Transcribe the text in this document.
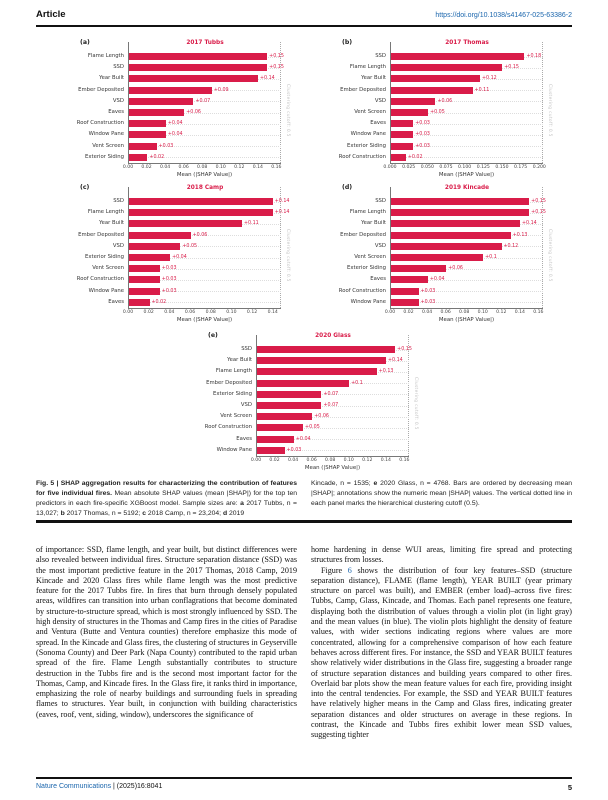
Article	https://doi.org/10.1038/s41467-025-63386-2
(a)
Flame Length
SSD
Year Built
Ember Deposited
VSD
Eaves
Roof Construction
Window Pane
Vent Screen
Exterior Siding
2017 Tubbs
+0.15
+0.15
+0.14
+0.09
+0.07
+0.06
+0.04
+0.04
+0.03
+0.02
0.00 0.02 0.04 0.06 0.08 0.10 0.12 0.14 0.16
Mean (|SHAP Value|)
Clustering cutoff: 0.5
(b)
SSD
Flame Length
Year Built
Ember Deposited
VSD
Vent Screen
Eaves
Window Pane
Exterior Siding
Roof Construction
2017 Thomas
+0.18
+0.15
+0.12
+0.11
+0.06
+0.05
+0.03
+0.03
+0.03
+0.02
0.000 0.025 0.050 0.075 0.100 0.125 0.150 0.175 0.200
Mean (|SHAP Value|)
Clustering cutoff: 0.5
(c)
SSD
Flame Length
Year Built
Ember Deposited
VSD
Exterior Siding
Vent Screen
Roof Construction
Window Pane
Eaves
2018 Camp
+0.14
+0.14
+0.11
+0.06
+0.05
+0.04
+0.03
+0.03
+0.03
+0.02
0.00 0.02 0.04 0.06 0.08 0.10 0.12 0.14
Mean (|SHAP Value|)
Clustering cutoff: 0.5
(d)
SSD
Flame Length
Year Built
Ember Deposited
VSD
Vent Screen
Exterior Siding
Eaves
Roof Construction
Window Pane
2019 Kincade
+0.15
+0.15
+0.14
+0.13
+0.12
+0.1
+0.06
+0.04
+0.03
+0.03
0.00 0.02 0.04 0.06 0.08 0.10 0.12 0.14 0.16
Mean (|SHAP Value|)
Clustering cutoff: 0.5
(e)
SSD
Year Built
Flame Length
Ember Deposited
Exterior Siding
VSD
Vent Screen
Roof Construction
Eaves
Window Pane
2020 Glass
+0.15
+0.14
+0.13
+0.1
+0.07
+0.07
+0.06
+0.05
+0.04
+0.03
0.00 0.02 0.04 0.06 0.08 0.10 0.12 0.14 0.16
Mean (|SHAP Value|)
Clustering cutoff: 0.5
Fig. 5 | SHAP aggregation results for characterizing the contribution of features for five individual fires. Mean absolute SHAP values (mean |SHAP|) for the top ten predictors in each fire-specific XGBoost model. Sample sizes are: a 2017 Tubbs, n = 13,027; b 2017 Thomas, n = 5192; c 2018 Camp, n = 23,204; d 2019
Kincade, n = 1535; e 2020 Glass, n = 4768. Bars are ordered by decreasing mean |SHAP|; annotations show the numeric mean |SHAP| values. The vertical dotted line in each panel marks the hierarchical clustering cutoff (0.5).

of importance: SSD, flame length, and year built, but distinct differences were also revealed between individual fires. Structure separation distance (SSD) was the most important predictive feature in the 2017 Thomas, 2018 Camp, 2019 Kincade and 2020 Glass fires while flame length was the most predictive feature for the 2017 Tubbs fire. In fires that burn through densely populated areas, wildfires can transition into urban conflagrations that become dominated by structure-to-structure spread, which is most strongly influenced by SSD. The high density of structures in the Thomas and Camp fires in the cities of Paradise and Ventura (Butte and Ventura counties) therefore emphasize this mode of spread. In the Kincade and Glass fires, the clustering of structures in Geyserville (Sonoma County) and Deer Park (Napa County) contributed to the rapid urban spread of the fire. Flame Length substantially contributes to structure destruction in the Tubbs fire and is the second most important factor for the Thomas, Camp, and Kincade fires. In the Glass fire, it ranks third in importance, emphasizing the role of nearby buildings and surrounding fuels in spreading flames to structures. Year built, in conjunction with building characteristics (eaves, roof, vent, siding, window), underscores the significance of

home hardening in dense WUI areas, limiting fire spread and protecting structures from losses.

Figure 6 shows the distribution of four key features–SSD (structure separation distance), FLAME (flame length), YEAR BUILT (year primary structure on parcel was built), and EMBER (ember load)–across five fires: Tubbs, Camp, Glass, Kincade, and Thomas. Each panel represents one feature, displaying both the distribution of values through a violin plot (in light gray) and the mean values (in blue). The violin plots highlight the density of feature values, with wider sections indicating regions where values are more concentrated, allowing for a comprehensive comparison of how each feature behaves across different fires. For instance, the SSD and YEAR BUILT features show relatively wider distributions in the Glass fire, suggesting a broader range of structure separation distances and building years compared to other fires. Overlaid bar plots show the mean feature values for each fire, providing insight into the central tendencies. For example, the SSD and YEAR BUILT features have relatively higher means in the Camp and Glass fires, indicating greater separation distances and older structures on average in these regions. In contrast, the Kincade and Tubbs fires exhibit lower mean SSD values, suggesting tighter

Nature Communications | (2025)16:8041	5
